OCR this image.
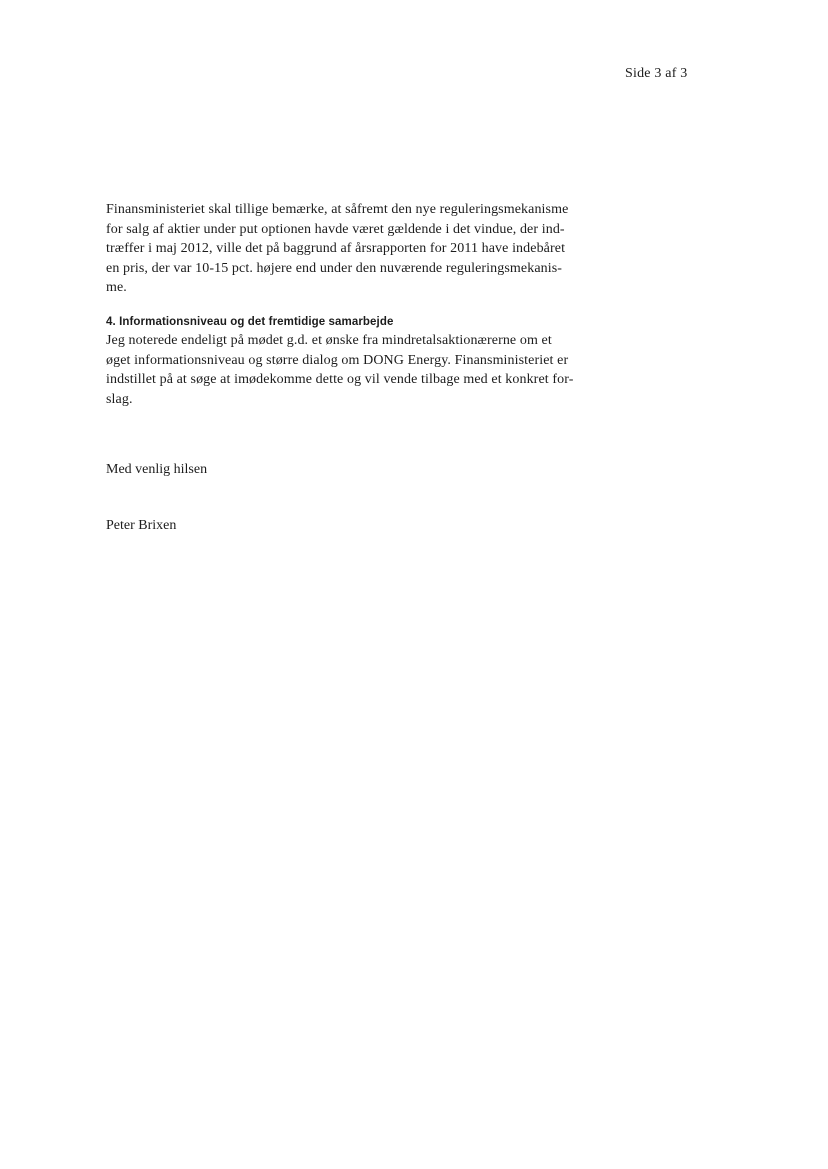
Side 3 af 3
Finansministeriet skal tillige bemærke, at såfremt den nye reguleringsmekanisme
for salg af aktier under put optionen havde været gældende i det vindue, der ind-
træffer i maj 2012, ville det på baggrund af årsrapporten for 2011 have indebåret
en pris, der var 10-15 pct. højere end under den nuværende reguleringsmekanis-
me.
4. Informationsniveau og det fremtidige samarbejde
Jeg noterede endeligt på mødet g.d. et ønske fra mindretalsaktionærerne om et
øget informationsniveau og større dialog om DONG Energy. Finansministeriet er
indstillet på at søge at imødekomme dette og vil vende tilbage med et konkret for-
slag.
Med venlig hilsen
Peter Brixen
